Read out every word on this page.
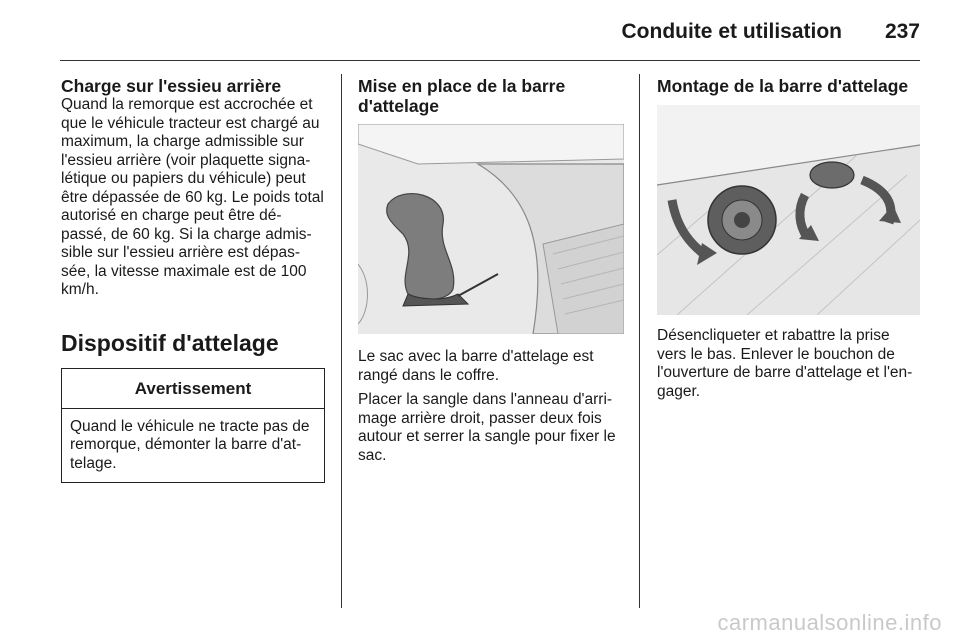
Conduite et utilisation 237
Charge sur l'essieu arrière

Quand la remorque est accrochée et que le véhicule tracteur est chargé au maximum, la charge admissible sur l'essieu arrière (voir plaquette signa-létique ou papiers du véhicule) peut être dépassée de 60 kg. Le poids total autorisé en charge peut être dé-passé, de 60 kg. Si la charge admis-sible sur l'essieu arrière est dépas-sée, la vitesse maximale est de 100 km/h.

Dispositif d'attelage
Avertissement
Quand le véhicule ne tracte pas de remorque, démonter la barre d'at-telage.
Mise en place de la barre d'attelage

Le sac avec la barre d'attelage est rangé dans le coffre.

Placer la sangle dans l'anneau d'arri-mage arrière droit, passer deux fois autour et serrer la sangle pour fixer le sac.

Montage de la barre d'attelage

Désencliqueter et rabattre la prise vers le bas. Enlever le bouchon de l'ouverture de barre d'attelage et l'en-gager.

carmanualsonline.info
